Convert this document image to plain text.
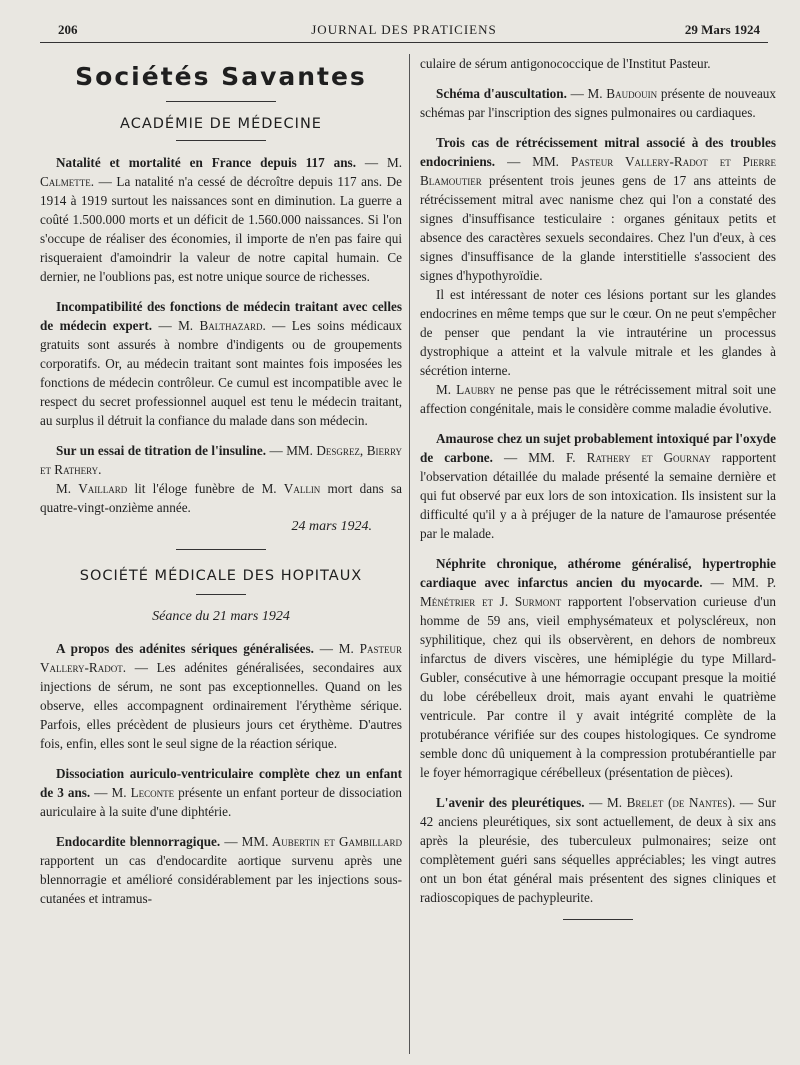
206	JOURNAL DES PRATICIENS	29 Mars 1924
Sociétés Savantes
ACADÉMIE DE MÉDECINE

Natalité et mortalité en France depuis 117 ans. — M. Calmette. — La natalité n'a cessé de décroître depuis 117 ans. De 1914 à 1919 surtout les naissances sont en diminution. La guerre a coûté 1.500.000 morts et un déficit de 1.560.000 naissances. Si l'on s'occupe de réaliser des économies, il importe de n'en pas faire qui risqueraient d'amoindrir la valeur de notre capital humain. Ce dernier, ne l'oublions pas, est notre unique source de richesses.

Incompatibilité des fonctions de médecin traitant avec celles de médecin expert. — M. Balthazard. — Les soins médicaux gratuits sont assurés à nombre d'indigents ou de groupements corporatifs. Or, au médecin traitant sont maintes fois imposées les fonctions de médecin contrôleur. Ce cumul est incompatible avec le respect du secret professionnel auquel est tenu le médecin traitant, au surplus il détruit la confiance du malade dans son médecin.

Sur un essai de titration de l'insuline. — MM. Desgrez, Bierry et Rathery.

M. Vaillard lit l'éloge funèbre de M. Vallin mort dans sa quatre-vingt-onzième année.

24 mars 1924.
SOCIÉTÉ MÉDICALE DES HOPITAUX
Séance du 21 mars 1924

A propos des adénites sériques généralisées. — M. Pasteur Vallery-Radot. — Les adénites généralisées, secondaires aux injections de sérum, ne sont pas exceptionnelles. Quand on les observe, elles accompagnent ordinairement l'érythème sérique. Parfois, elles précèdent de plusieurs jours cet érythème. D'autres fois, enfin, elles sont le seul signe de la réaction sérique.

Dissociation auriculo-ventriculaire complète chez un enfant de 3 ans. — M. Leconte présente un enfant porteur de dissociation auriculaire à la suite d'une diphtérie.

Endocardite blennorragique. — MM. Aubertin et Gambillard rapportent un cas d'endocardite aortique survenu après une blennorragie et amélioré considérablement par les injections sous-cutanées et intramus-

culaire de sérum antigonococcique de l'Institut Pasteur.

Schéma d'auscultation. — M. Baudouin présente de nouveaux schémas par l'inscription des signes pulmonaires ou cardiaques.

Trois cas de rétrécissement mitral associé à des troubles endocriniens. — MM. Pasteur Vallery-Radot et Pierre Blamoutier présentent trois jeunes gens de 17 ans atteints de rétrécissement mitral avec nanisme chez qui l'on a constaté des signes d'insuffisance testiculaire : organes génitaux petits et absence des caractères sexuels secondaires. Chez l'un d'eux, à ces signes d'insuffisance de la glande interstitielle s'associent des signes d'hypothyroïdie.

Il est intéressant de noter ces lésions portant sur les glandes endocrines en même temps que sur le cœur. On ne peut s'empêcher de penser que pendant la vie intrautérine un processus dystrophique a atteint et la valvule mitrale et les glandes à sécrétion interne.

M. Laubry ne pense pas que le rétrécissement mitral soit une affection congénitale, mais le considère comme maladie évolutive.

Amaurose chez un sujet probablement intoxiqué par l'oxyde de carbone. — MM. F. Rathery et Gournay rapportent l'observation détaillée du malade présenté la semaine dernière et qui fut observé par eux lors de son intoxication. Ils insistent sur la difficulté qu'il y a à préjuger de la nature de l'amaurose présentée par le malade.

Néphrite chronique, athérome généralisé, hypertrophie cardiaque avec infarctus ancien du myocarde. — MM. P. Ménétrier et J. Surmont rapportent l'observation curieuse d'un homme de 59 ans, vieil emphysémateux et polyscléreux, non syphilitique, chez qui ils observèrent, en dehors de nombreux infarctus de divers viscères, une hémiplégie du type Millard-Gubler, consécutive à une hémorragie occupant presque la moitié du lobe cérébelleux droit, mais ayant envahi le quatrième ventricule. Par contre il y avait intégrité complète de la protubérance vérifiée sur des coupes histologiques. Ce syndrome semble donc dû uniquement à la compression protubérantielle par le foyer hémorragique cérébelleux (présentation de pièces).

L'avenir des pleurétiques. — M. Brelet (de Nantes). — Sur 42 anciens pleurétiques, six sont actuellement, de deux à six ans après la pleurésie, des tuberculeux pulmonaires; seize ont complètement guéri sans séquelles appréciables; les vingt autres ont un bon état général mais présentent des signes cliniques et radioscopiques de pachypleurite.
